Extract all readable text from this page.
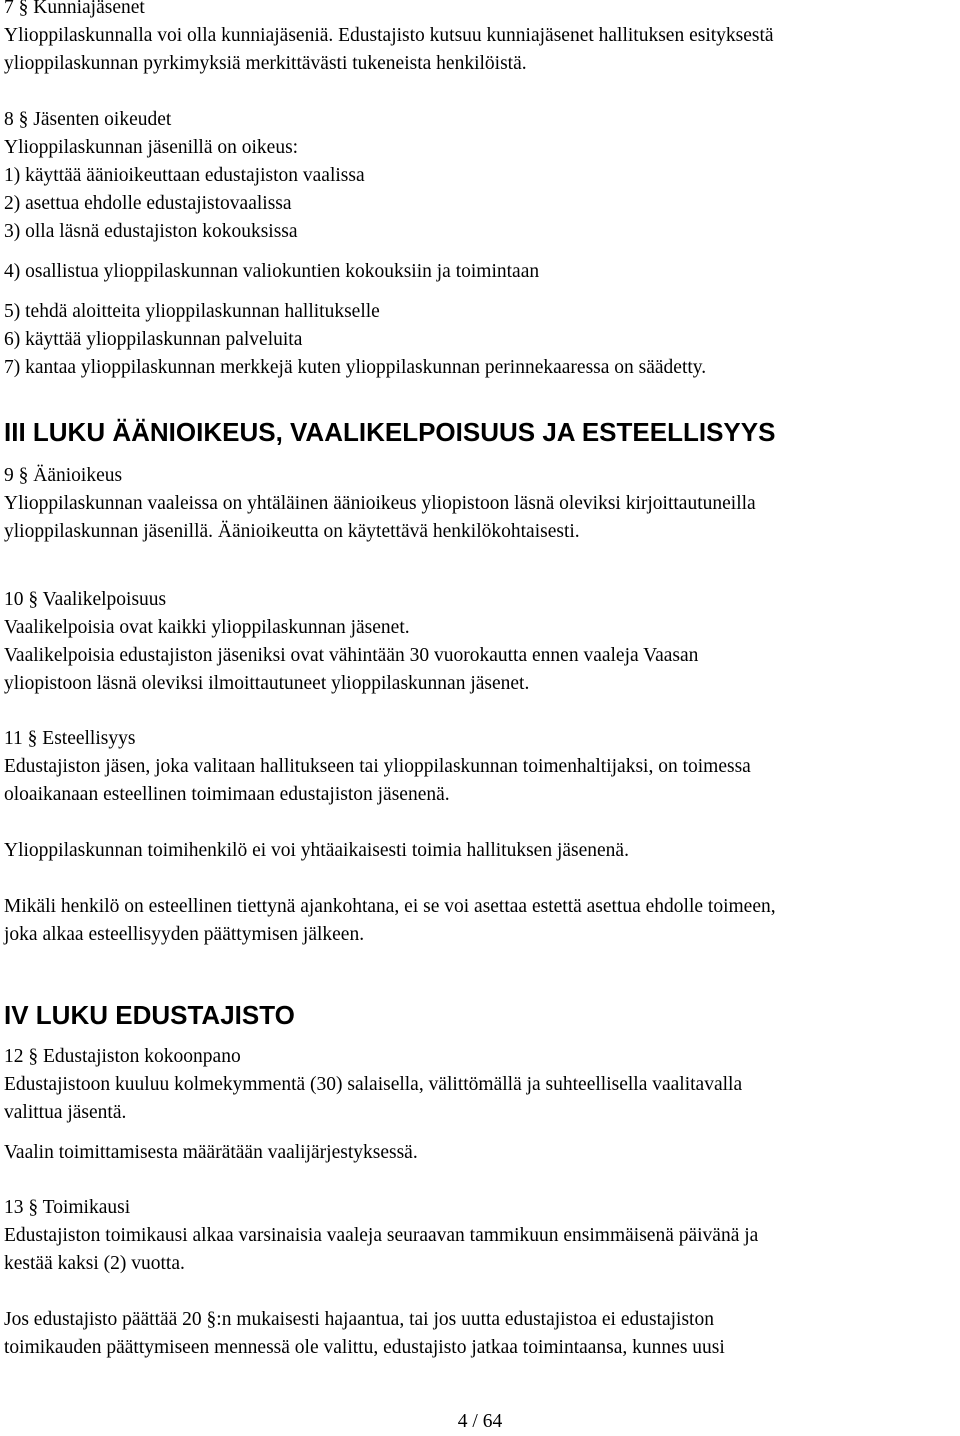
7 § Kunniajäsenet
Ylioppilaskunnalla voi olla kunniajäseniä. Edustajisto kutsuu kunniajäsenet hallituksen esityksestä
ylioppilaskunnan pyrkimyksiä merkittävästi tukeneista henkilöistä.
8 § Jäsenten oikeudet
Ylioppilaskunnan jäsenillä on oikeus:
1) käyttää äänioikeuttaan edustajiston vaalissa
2) asettua ehdolle edustajistovaalissa
3) olla läsnä edustajiston kokouksissa
4) osallistua ylioppilaskunnan valiokuntien kokouksiin ja toimintaan
5) tehdä aloitteita ylioppilaskunnan hallitukselle
6) käyttää ylioppilaskunnan palveluita
7) kantaa ylioppilaskunnan merkkejä kuten ylioppilaskunnan perinnekaaressa on säädetty.
III LUKU ÄÄNIOIKEUS, VAALIKELPOISUUS JA ESTEELLISYYS
9 § Äänioikeus
Ylioppilaskunnan vaaleissa on yhtäläinen äänioikeus yliopistoon läsnä oleviksi kirjoittautuneilla
ylioppilaskunnan jäsenillä. Äänioikeutta on käytettävä henkilökohtaisesti.
10 § Vaalikelpoisuus
Vaalikelpoisia ovat kaikki ylioppilaskunnan jäsenet.
Vaalikelpoisia edustajiston jäseniksi ovat vähintään 30 vuorokautta ennen vaaleja Vaasan
yliopistoon läsnä oleviksi ilmoittautuneet ylioppilaskunnan jäsenet.
11 § Esteellisyys
Edustajiston jäsen, joka valitaan hallitukseen tai ylioppilaskunnan toimenhaltijaksi, on toimessa
oloaikanaan esteellinen toimimaan edustajiston jäsenenä.
Ylioppilaskunnan toimihenkilö ei voi yhtäaikaisesti toimia hallituksen jäsenenä.
Mikäli henkilö on esteellinen tiettynä ajankohtana, ei se voi asettaa estettä asettua ehdolle toimeen,
joka alkaa esteellisyyden päättymisen jälkeen.
IV LUKU EDUSTAJISTO
12 § Edustajiston kokoonpano
Edustajistoon kuuluu kolmekymmentä (30) salaisella, välittömällä ja suhteellisella vaalitavalla
valittua jäsentä.
Vaalin toimittamisesta määrätään vaalijärjestyksessä.
13 § Toimikausi
Edustajiston toimikausi alkaa varsinaisia vaaleja seuraavan tammikuun ensimmäisenä päivänä ja
kestää kaksi (2) vuotta.
Jos edustajisto päättää 20 §:n mukaisesti hajaantua, tai jos uutta edustajistoa ei edustajiston
toimikauden päättymiseen mennessä ole valittu, edustajisto jatkaa toimintaansa, kunnes uusi
4 / 64
